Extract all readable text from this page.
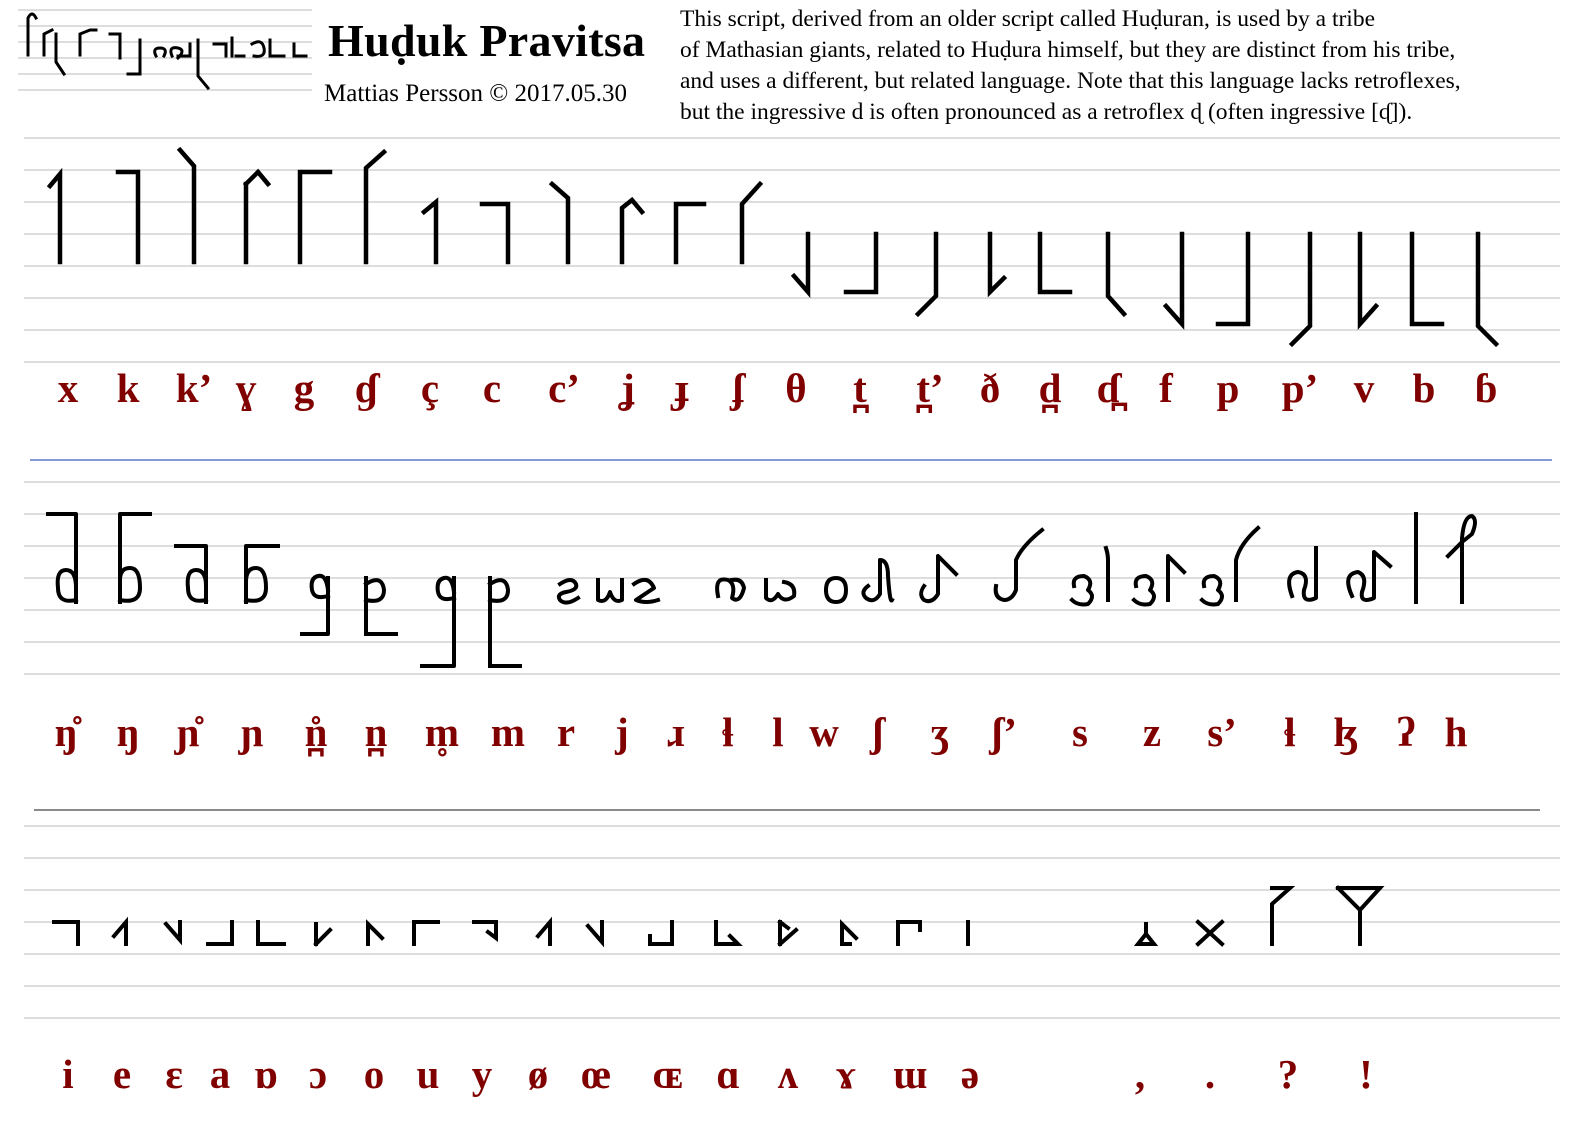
Huḍuk Pravitsa
Mattias Persson © 2017.05.30
This script, derived from an older script called Huḍuran, is used by a tribe
of Mathasian giants, related to Huḍura himself, but they are distinct from his tribe,
and uses a different, but related language. Note that this language lacks retroflexes,
but the ingressive d is often pronounced as a retroflex ɖ (often ingressive [ᶑ]).
x k k’ ɣ g ɠ ç c c’ ʝ ɟ ʄ θ t̪ t̪’ ð d̪ ɗ̪ f p p’ v b ɓ
ŋ̊ ŋ ɲ̊ ɲ n̪̊ n̪ m̥ m r j ɹ ɬ l w ʃ ʒ ʃ’ s z s’ ɬ ɮ ʔ h
i e ɛ a ɒ ɔ o u y ø œ ɶ ɑ ʌ ɤ ɯ ə	, . ? !
